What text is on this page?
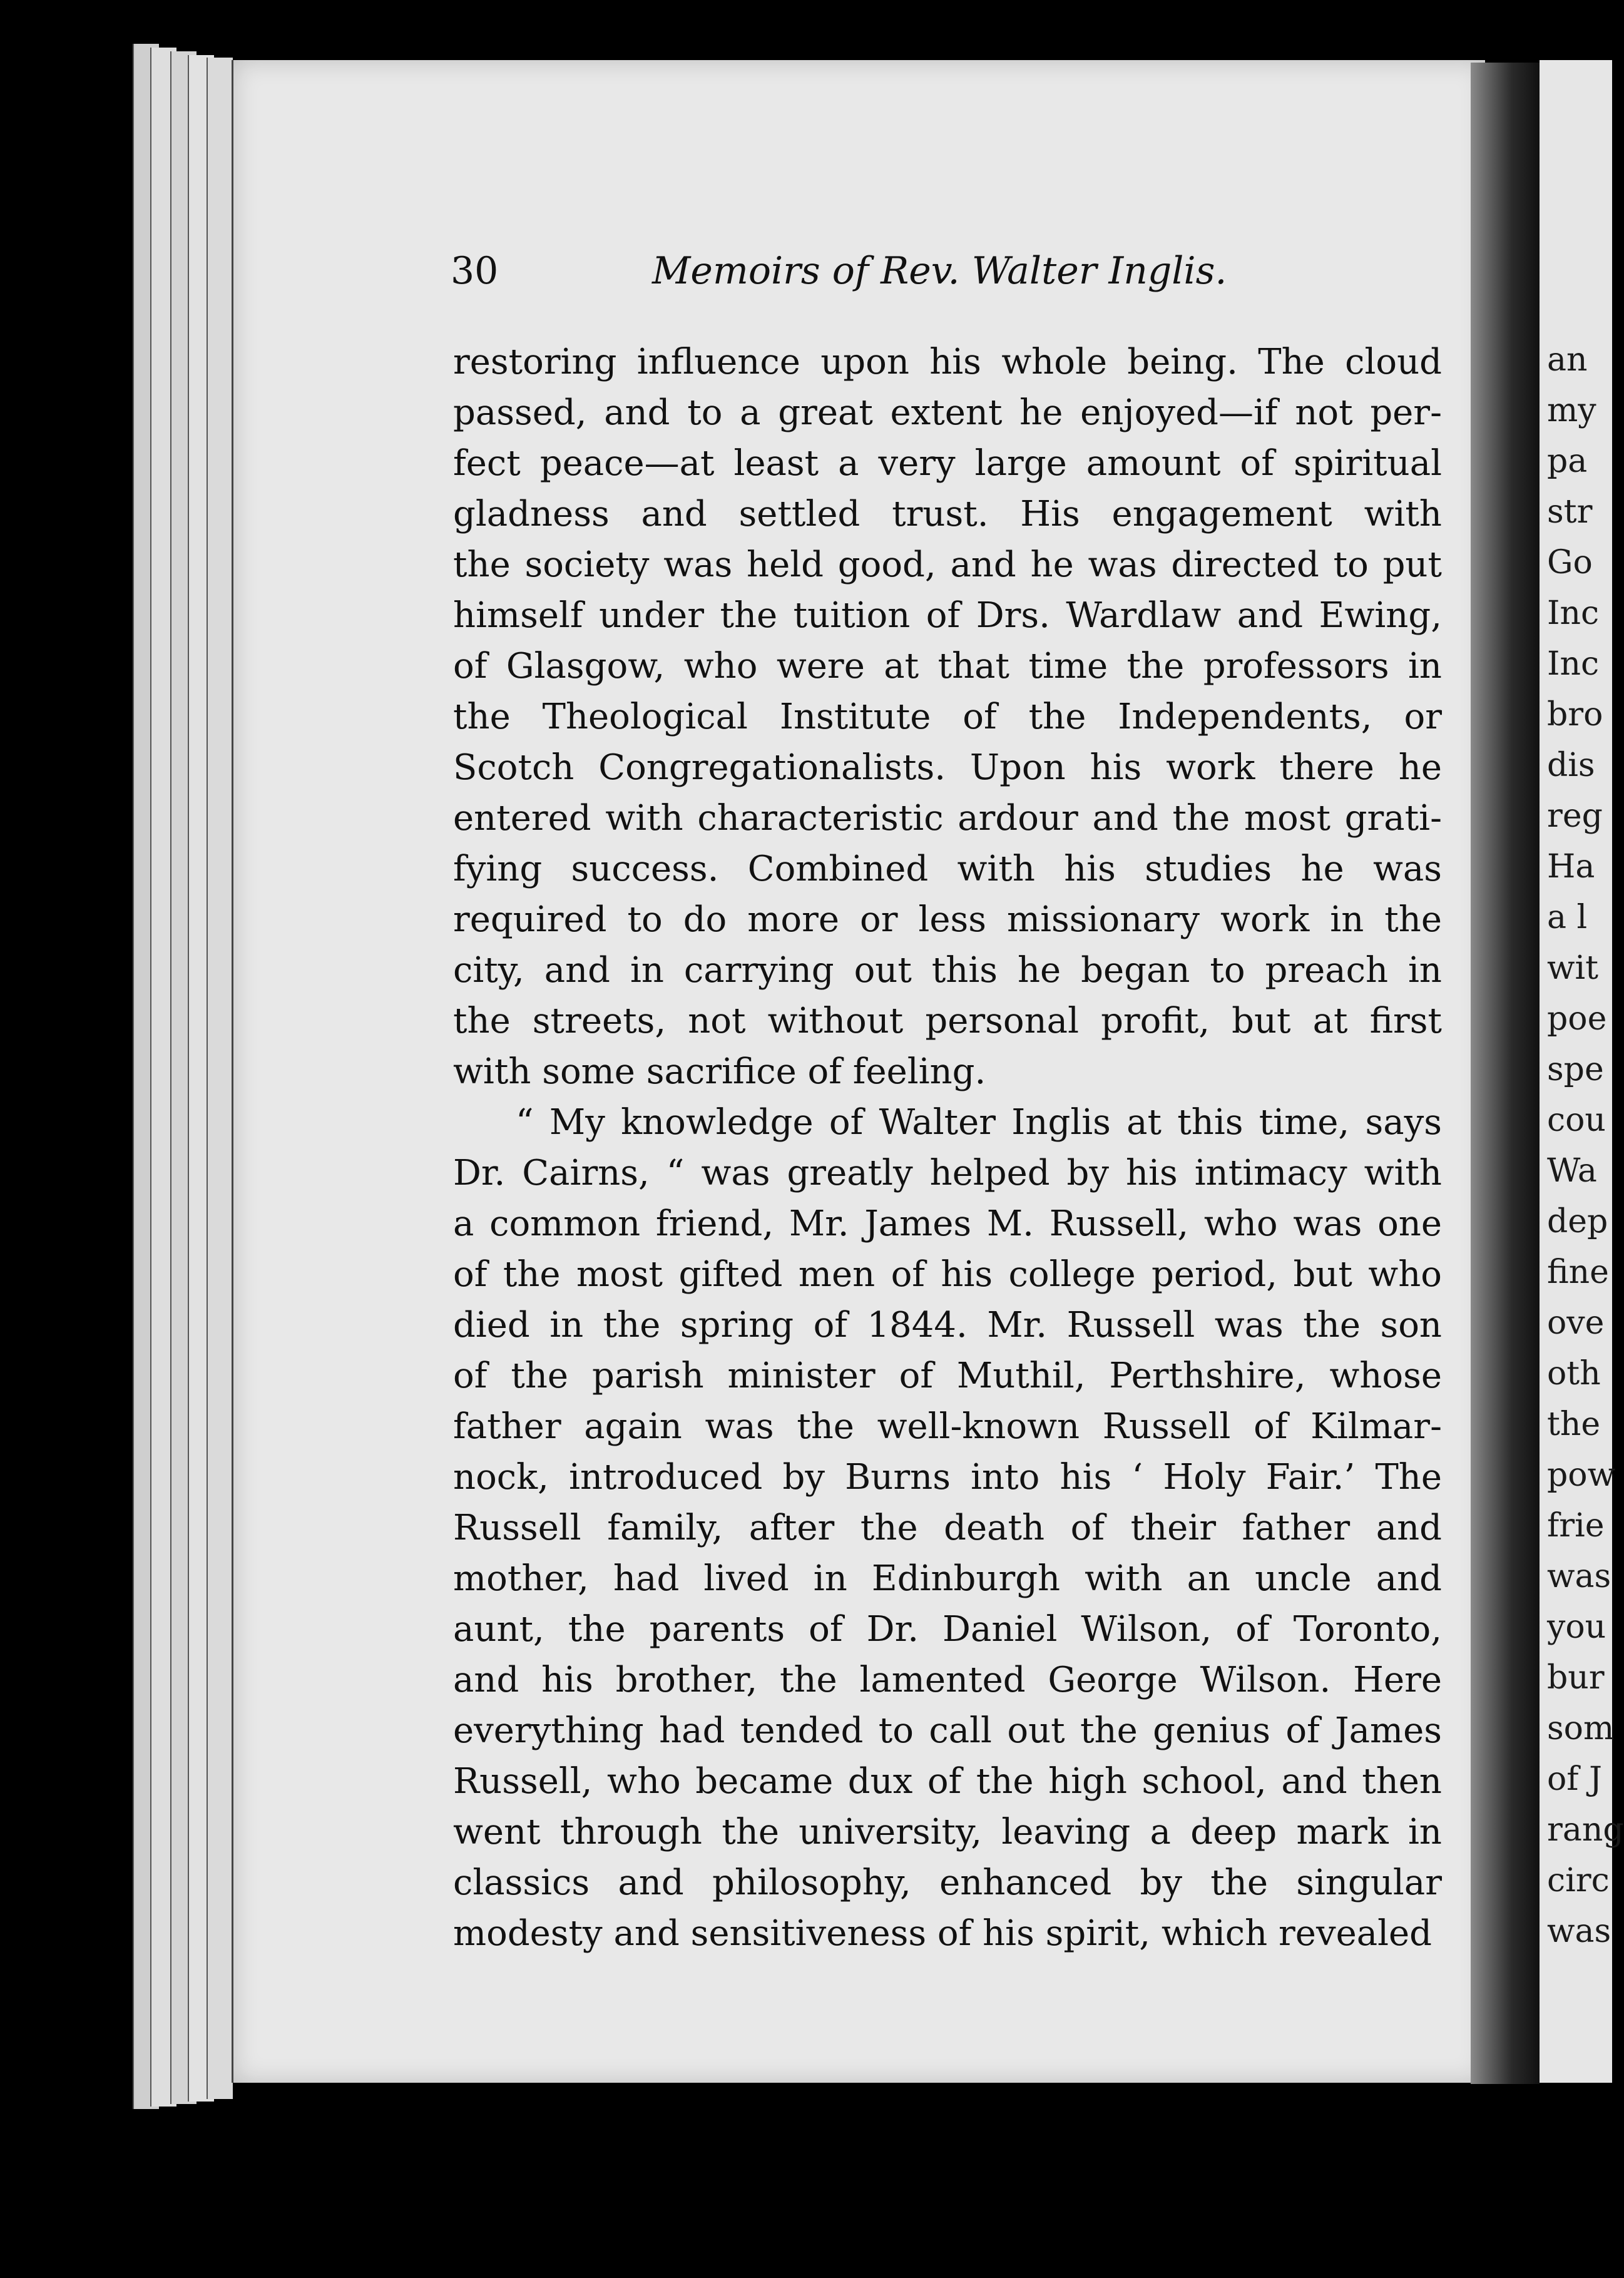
an
my
pa
str
Go
Inc
Inc
bro
dis
reg
Ha
a l
wit
poe
spe
cou
Wa
dep
fine
ove
oth
the
pow
frie
was
you
bur
som
of J
rang
circ
was
30	Memoirs of Rev. Walter Inglis.
restoring influence upon his whole being. The cloud
passed, and to a great extent he enjoyed—if not per-
fect peace—at least a very large amount of spiritual
gladness and settled trust. His engagement with
the society was held good, and he was directed to put
himself under the tuition of Drs. Wardlaw and Ewing,
of Glasgow, who were at that time the professors in
the Theological Institute of the Independents, or
Scotch Congregationalists. Upon his work there he
entered with characteristic ardour and the most grati-
fying success. Combined with his studies he was
required to do more or less missionary work in the
city, and in carrying out this he began to preach in
the streets, not without personal profit, but at first
with some sacrifice of feeling.
“ My knowledge of Walter Inglis at this time, says
Dr. Cairns, “ was greatly helped by his intimacy with
a common friend, Mr. James M. Russell, who was one
of the most gifted men of his college period, but who
died in the spring of 1844. Mr. Russell was the son
of the parish minister of Muthil, Perthshire, whose
father again was the well-known Russell of Kilmar-
nock, introduced by Burns into his ‘ Holy Fair.’ The
Russell family, after the death of their father and
mother, had lived in Edinburgh with an uncle and
aunt, the parents of Dr. Daniel Wilson, of Toronto,
and his brother, the lamented George Wilson. Here
everything had tended to call out the genius of James
Russell, who became dux of the high school, and then
went through the university, leaving a deep mark in
classics and philosophy, enhanced by the singular
modesty and sensitiveness of his spirit, which revealed
